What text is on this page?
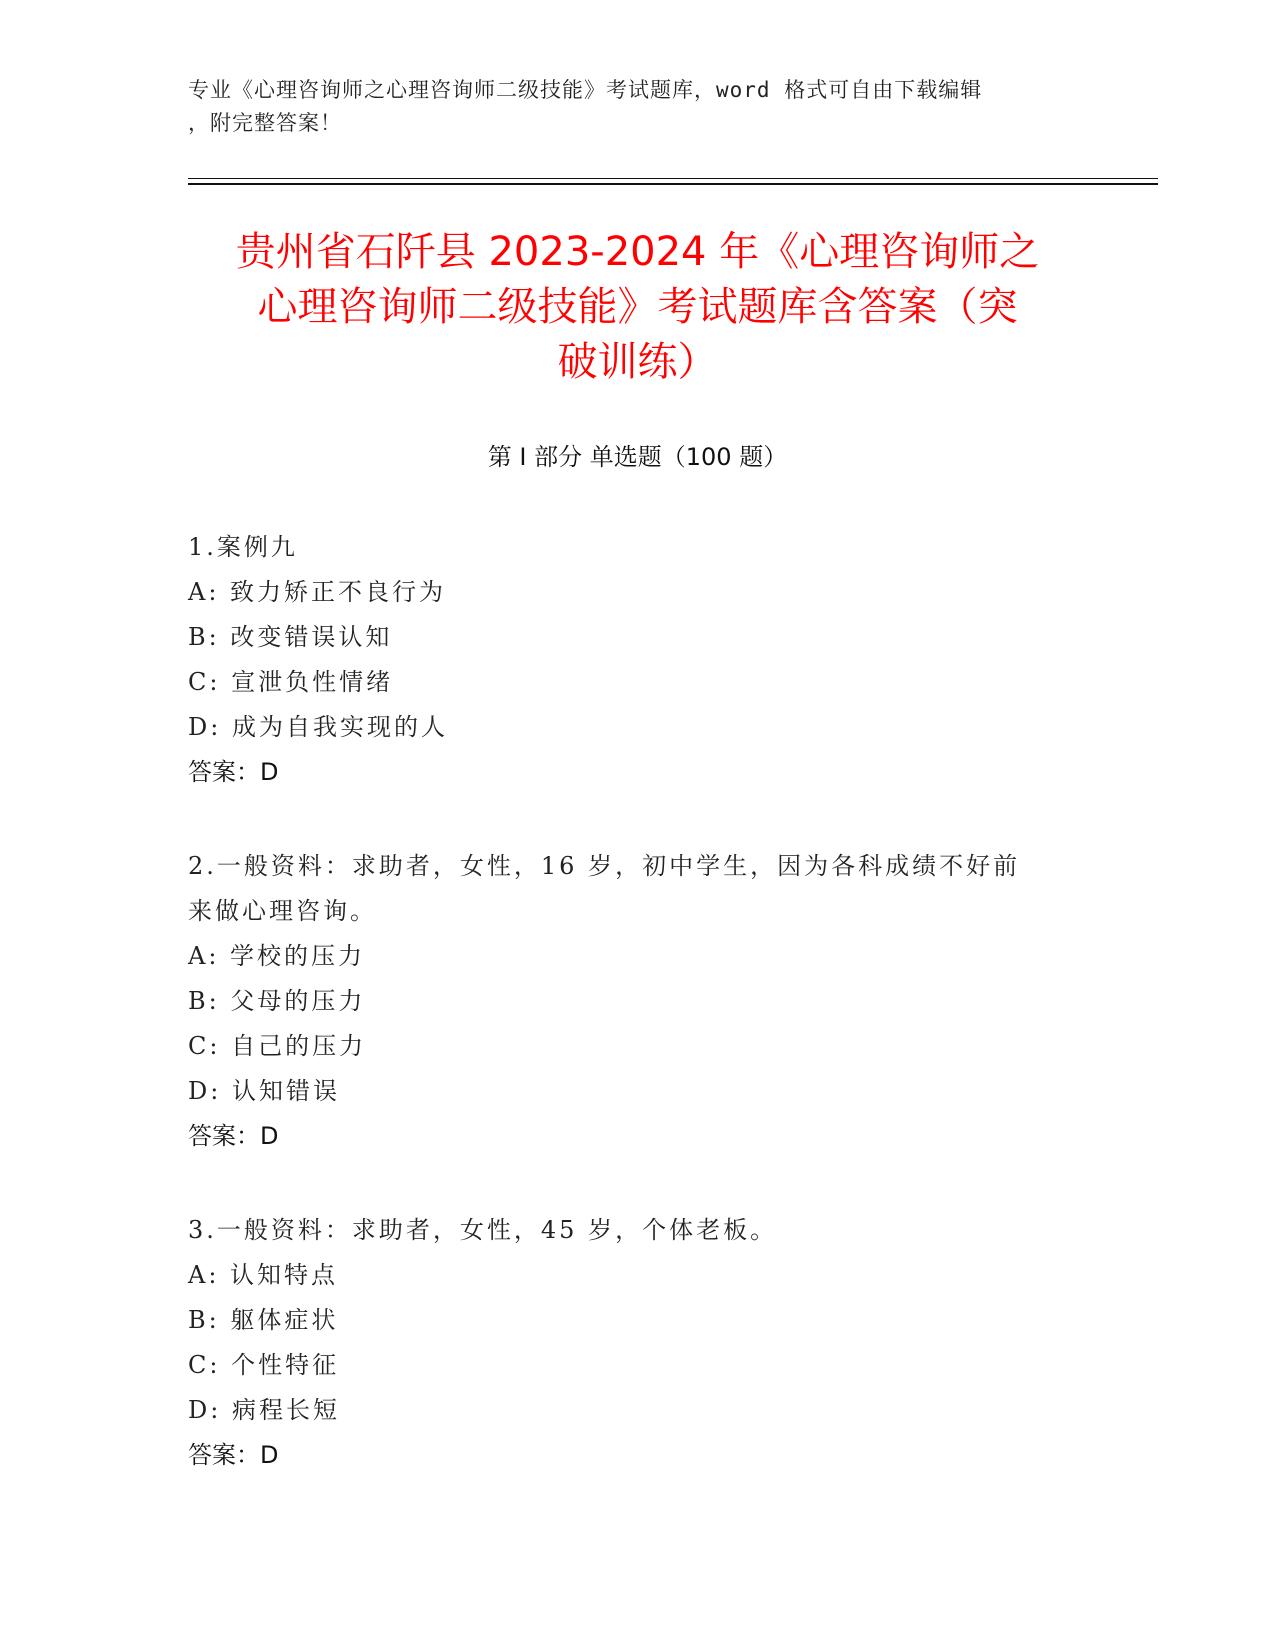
专业《心理咨询师之心理咨询师二级技能》考试题库，word 格式可自由下载编辑
，附完整答案！
贵州省石阡县 2023-2024 年《心理咨询师之
心理咨询师二级技能》考试题库含答案（突
破训练）
第 I 部分 单选题（100 题）

1.案例九

A: 致力矫正不良行为

B: 改变错误认知

C: 宣泄负性情绪

D: 成为自我实现的人

答案：D

2.一般资料：求助者，女性，16 岁，初中学生，因为各科成绩不好前

来做心理咨询。

A: 学校的压力

B: 父母的压力

C: 自己的压力

D: 认知错误

答案：D

3.一般资料：求助者，女性，45 岁，个体老板。

A: 认知特点

B: 躯体症状

C: 个性特征

D: 病程长短

答案：D
